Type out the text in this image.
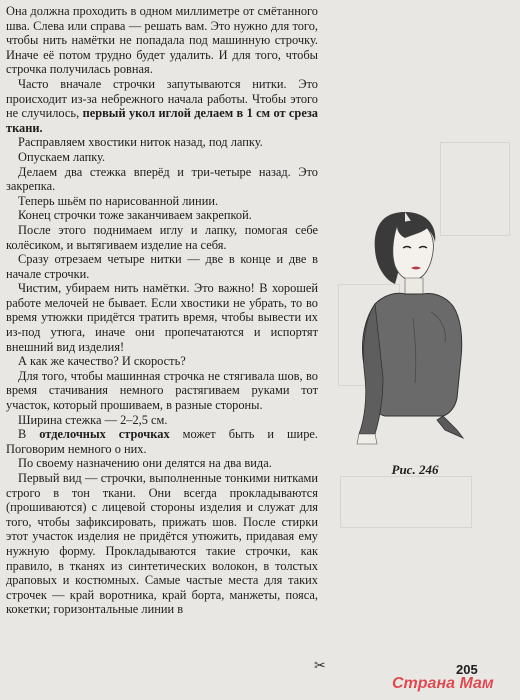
Она должна проходить в одном миллиметре от смётанного шва. Слева или справа — решать вам. Это нужно для того, чтобы нить намётки не попадала под машинную строчку. Иначе её потом трудно будет удалить. И для того, чтобы строчка получилась ровная.

Часто вначале строчки запутываются нитки. Это происходит из-за небрежного начала работы. Чтобы этого не случилось, первый укол иглой делаем в 1 см от среза ткани.

Расправляем хвостики ниток назад, под лапку.

Опускаем лапку.

Делаем два стежка вперёд и три-четыре назад. Это закрепка.

Теперь шьём по нарисованной линии.

Конец строчки тоже заканчиваем закрепкой.

После этого поднимаем иглу и лапку, помогая себе колёсиком, и вытягиваем изделие на себя.

Сразу отрезаем четыре нитки — две в конце и две в начале строчки.

Чистим, убираем нить намётки. Это важно! В хорошей работе мелочей не бывает. Если хвостики не убрать, то во время утюжки придётся тратить время, чтобы вывести их из-под утюга, иначе они пропечатаются и испортят внешний вид изделия!

А как же качество? И скорость?

Для того, чтобы машинная строчка не стягивала шов, во время стачивания немного растягиваем руками тот участок, который прошиваем, в разные стороны.

Ширина стежка — 2–2,5 см.

В отделочных строчках может быть и шире. Поговорим немного о них.

По своему назначению они делятся на два вида.

Первый вид — строчки, выполненные тонкими нитками строго в тон ткани. Они всегда прокладываются (прошиваются) с лицевой стороны изделия и служат для того, чтобы зафиксировать, прижать шов. После стирки этот участок изделия не придётся утюжить, придавая ему нужную форму. Прокладываются такие строчки, как правило, в тканях из синтетических волокон, в толстых драповых и костюмных. Самые частые места для таких строчек — край воротника, край борта, манжеты, пояса, кокетки; горизонтальные линии в

Рис. 246
✂	205
Страна Мам
